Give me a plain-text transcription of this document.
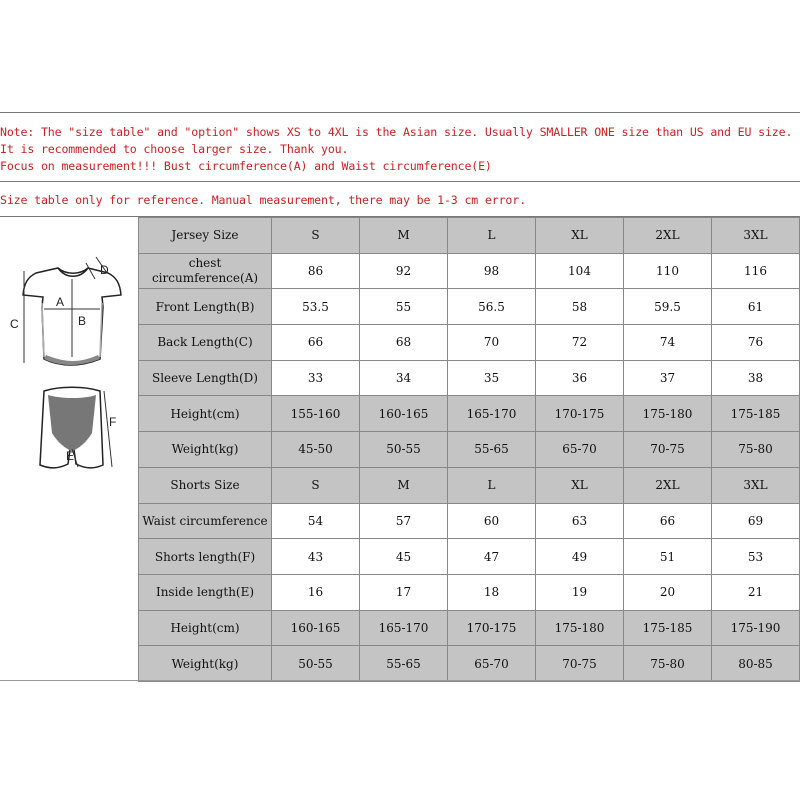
Note: The "size table" and "option" shows XS to 4XL is the Asian size. Usually SMALLER ONE size than US and EU size.
It is recommended to choose larger size. Thank you.
Focus on measurement!!! Bust circumference(A) and Waist circumference(E)
Size table only for reference. Manual measurement, there may be 1-3 cm error.
D
A
B
C
F
E
Jersey Size	S	M	L	XL	2XL	3XL
chest circumference(A)	86	92	98	104	110	116
Front Length(B)	53.5	55	56.5	58	59.5	61
Back Length(C)	66	68	70	72	74	76
Sleeve Length(D)	33	34	35	36	37	38
Height(cm)	155-160	160-165	165-170	170-175	175-180	175-185
Weight(kg)	45-50	50-55	55-65	65-70	70-75	75-80
Shorts Size	S	M	L	XL	2XL	3XL
Waist circumference	54	57	60	63	66	69
Shorts length(F)	43	45	47	49	51	53
Inside length(E)	16	17	18	19	20	21
Height(cm)	160-165	165-170	170-175	175-180	175-185	175-190
Weight(kg)	50-55	55-65	65-70	70-75	75-80	80-85
